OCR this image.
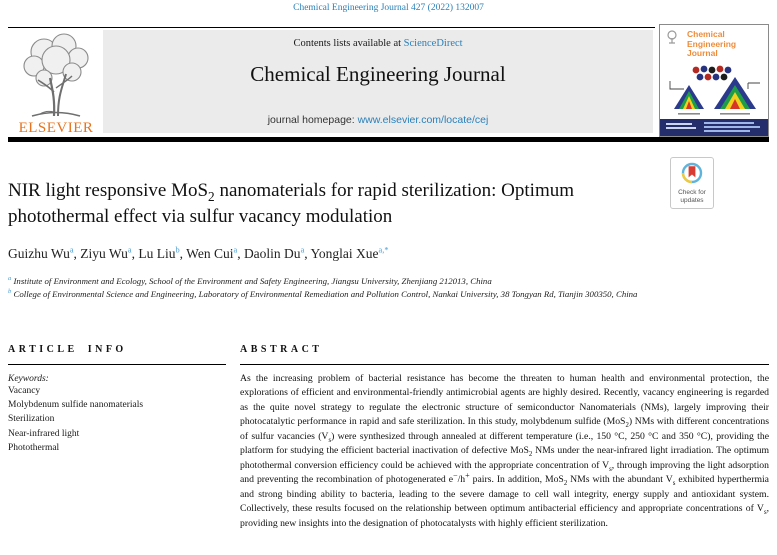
Chemical Engineering Journal 427 (2022) 132007
ELSEVIER
Contents lists available at ScienceDirect
Chemical Engineering Journal
journal homepage: www.elsevier.com/locate/cej
Chemical Engineering Journal
NIR light responsive MoS$_2$ nanomaterials for rapid sterilization: Optimum photothermal effect via sulfur vacancy modulation
Check for updates
Guizhu Wu$^a$, Ziyu Wu$^a$, Lu Liu$^b$, Wen Cui$^a$, Daolin Du$^a$, Yonglai Xue$^{a,*}$
$^a$ Institute of Environment and Ecology, School of the Environment and Safety Engineering, Jiangsu University, Zhenjiang 212013, China
$^b$ College of Environmental Science and Engineering, Laboratory of Environmental Remediation and Pollution Control, Nankai University, 38 Tongyan Rd, Tianjin 300350, China
ARTICLE INFO
Keywords:
Vacancy
Molybdenum sulfide nanomaterials
Sterilization
Near-infrared light
Photothermal
ABSTRACT

As the increasing problem of bacterial resistance has become the threaten to human health and environmental protection, the explorations of efficient and environmental-friendly antimicrobial agents are highly desired. Recently, vacancy engineering is regarded as the quite novel strategy to regulate the electronic structure of semiconductor Nanomaterials (NMs), largely improving their photocatalytic performance in rapid and safe sterilization. In this study, molybdenum sulfide (MoS$_2$) NMs with different concentrations of sulfur vacancies $(V_s)$ were synthesized through annealed at different temperature (i.e., 150 °C, 250 °C and 350 °C), providing the platform for studying the efficient bacterial inactivation of defective MoS$_2$ NMs under the near-infrared light irradiation. The optimum photothermal conversion efficiency could be achieved with the appropriate concentration of $V_s$, through improving the light adsorption and preventing the recombination of photogenerated e−/h+ pairs. In addition, MoS$_2$ NMs with the abundant $V_s$ exhibited hyperthermia and strong binding ability to bacteria, leading to the severe damage to cell wall integrity, energy supply and antioxidant system. Collectively, these results focused on the relationship between optimum antibacterial efficiency and appropriate concentrations of $V_s$, providing new insights into the designation of photocatalysts with highly efficient sterilization.
